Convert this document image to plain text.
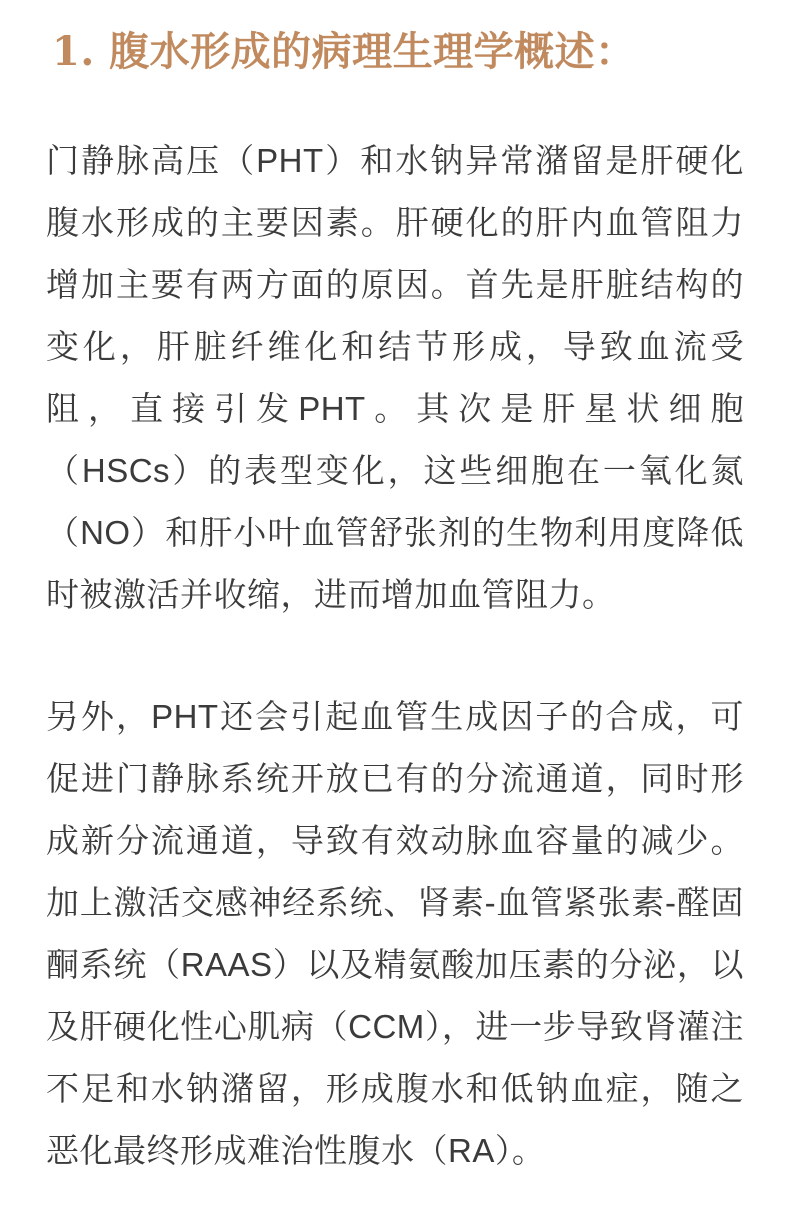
1. 腹水形成的病理生理学概述：

门静脉高压（PHT）和水钠异常潴留是肝硬化腹水形成的主要因素。肝硬化的肝内血管阻力增加主要有两方面的原因。首先是肝脏结构的变化，肝脏纤维化和结节形成，导致血流受阻，直接引发PHT。其次是肝星状细胞（HSCs）的表型变化，这些细胞在一氧化氮（NO）和肝小叶血管舒张剂的生物利用度降低时被激活并收缩，进而增加血管阻力。

另外，PHT还会引起血管生成因子的合成，可促进门静脉系统开放已有的分流通道，同时形成新分流通道，导致有效动脉血容量的减少。加上激活交感神经系统、肾素-血管紧张素-醛固酮系统（RAAS）以及精氨酸加压素的分泌，以及肝硬化性心肌病（CCM），进一步导致肾灌注不足和水钠潴留，形成腹水和低钠血症，随之恶化最终形成难治性腹水（RA）。
